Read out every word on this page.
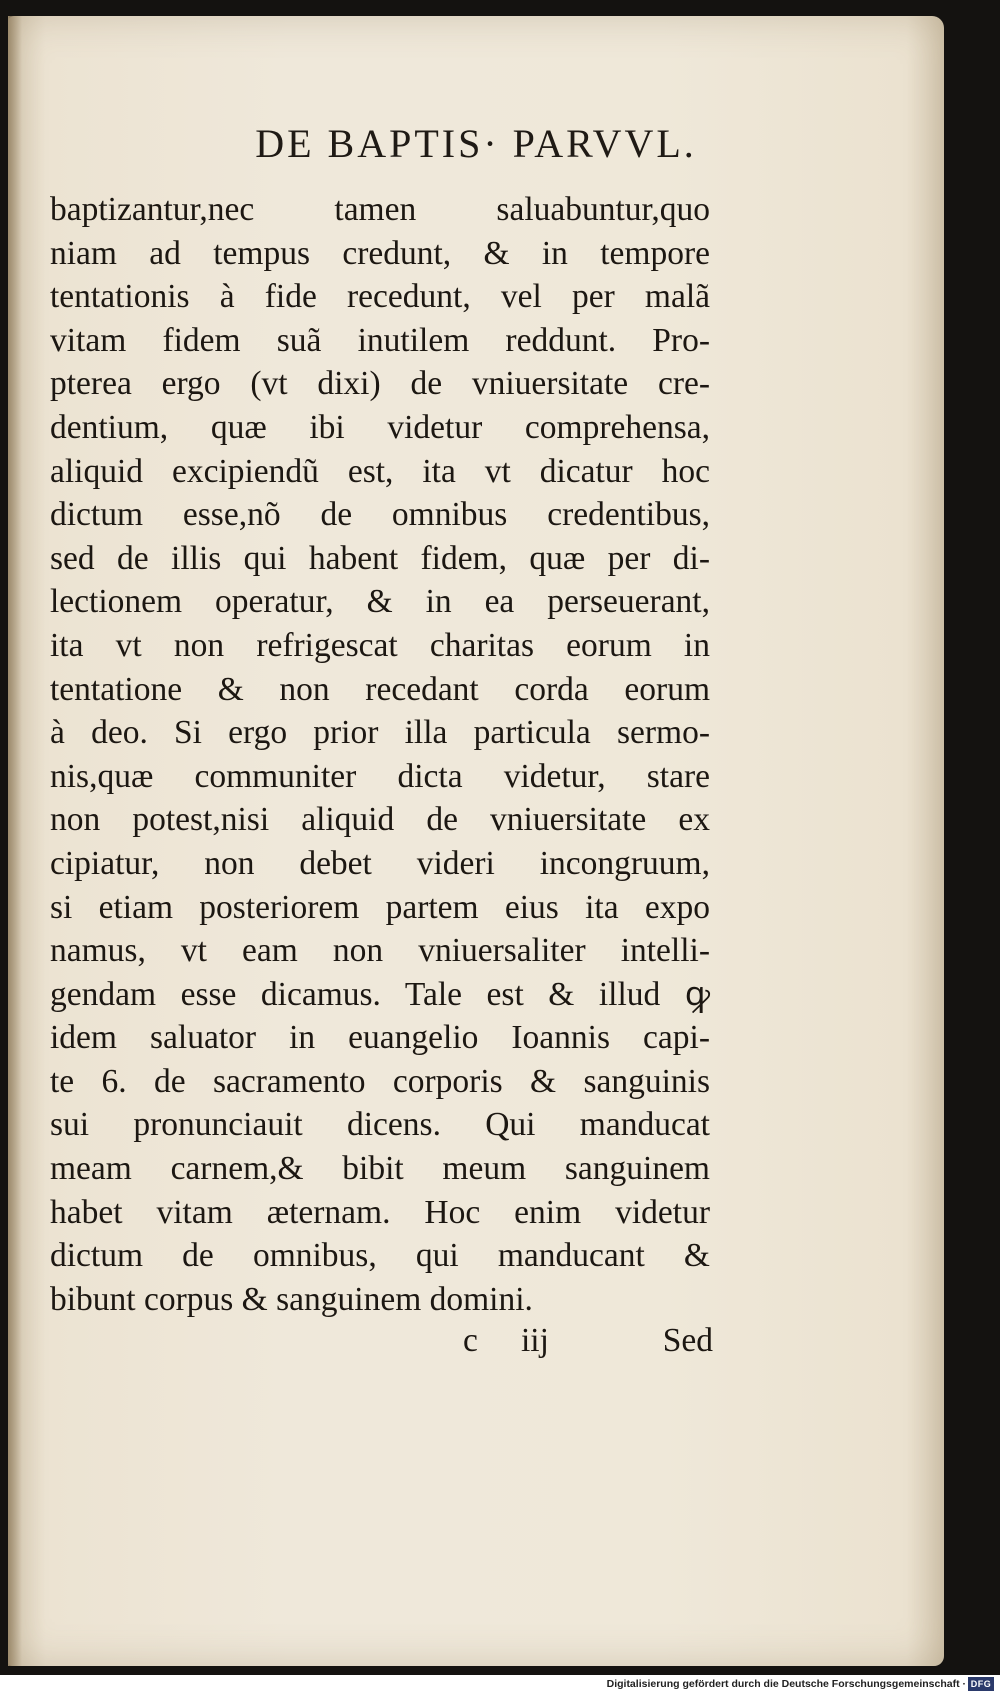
DE BAPTIS· PARVVL.
baptizantur,nec tamen saluabuntur,quo
niam ad tempus credunt, & in tempore
tentationis à fide recedunt, vel per malã
vitam fidem suã inutilem reddunt. Pro-
pterea ergo (vt dixi) de vniuersitate cre-
dentium, quæ ibi videtur comprehensa,
aliquid excipiendũ est, ita vt dicatur hoc
dictum esse,nõ de omnibus credentibus,
sed de illis qui habent fidem, quæ per di-
lectionem operatur, & in ea perseuerant,
ita vt non refrigescat charitas eorum in
tentatione & non recedant corda eorum
à deo. Si ergo prior illa particula sermo-
nis,quæ communiter dicta videtur, stare
non potest,nisi aliquid de vniuersitate ex
cipiatur, non debet videri incongruum,
si etiam posteriorem partem eius ita expo
namus, vt eam non vniuersaliter intelli-
gendam esse dicamus. Tale est & illud ꝙ
idem saluator in euangelio Ioannis capi-
te 6. de sacramento corporis & sanguinis
sui pronunciauit dicens. Qui manducat
meam carnem,& bibit meum sanguinem
habet vitam æternam. Hoc enim videtur
dictum de omnibus, qui manducant &
bibunt corpus & sanguinem domini.
c iij	Sed
Digitalisierung gefördert durch die Deutsche Forschungsgemeinschaft · DFG
